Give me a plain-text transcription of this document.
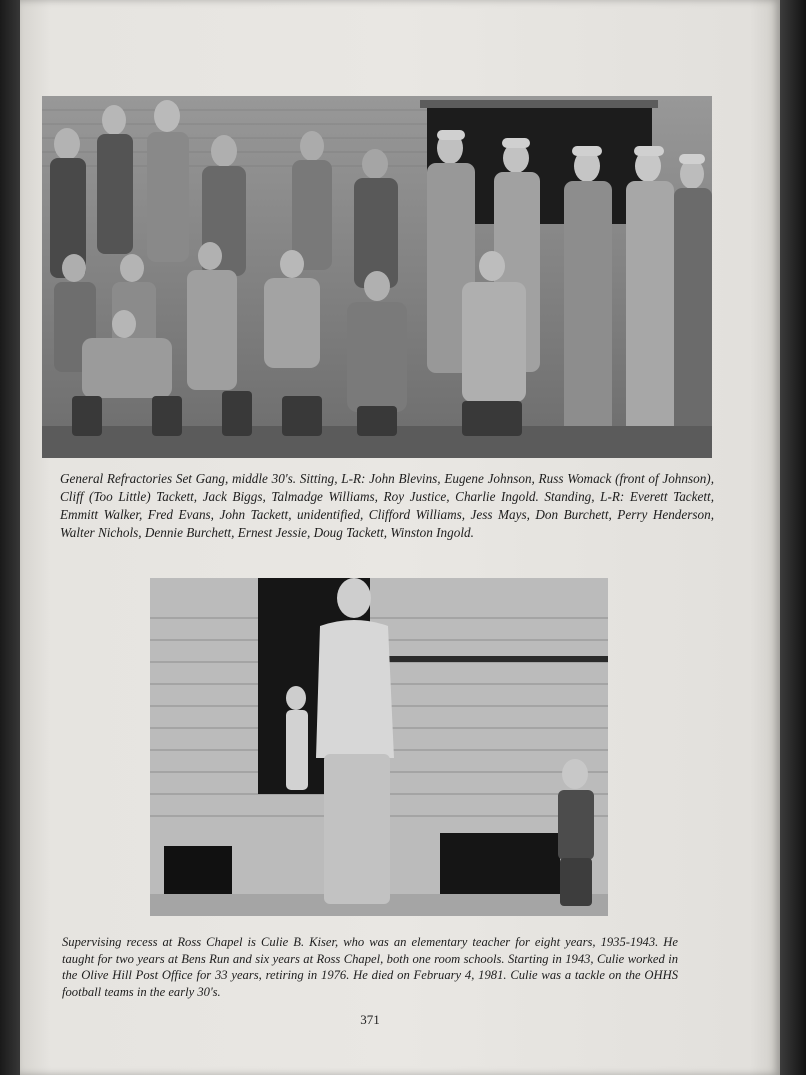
General Refractories Set Gang, middle 30's. Sitting, L-R: John Blevins, Eugene Johnson, Russ Womack (front of Johnson), Cliff (Too Little) Tackett, Jack Biggs, Talmadge Williams, Roy Justice, Charlie Ingold. Standing, L-R: Everett Tackett, Emmitt Walker, Fred Evans, John Tackett, unidentified, Clifford Williams, Jess Mays, Don Burchett, Perry Henderson, Walter Nichols, Dennie Burchett, Ernest Jessie, Doug Tackett, Winston Ingold.
Supervising recess at Ross Chapel is Culie B. Kiser, who was an elementary teacher for eight years, 1935-1943. He taught for two years at Bens Run and six years at Ross Chapel, both one room schools. Starting in 1943, Culie worked in the Olive Hill Post Office for 33 years, retiring in 1976. He died on February 4, 1981. Culie was a tackle on the OHHS football teams in the early 30's.
371
